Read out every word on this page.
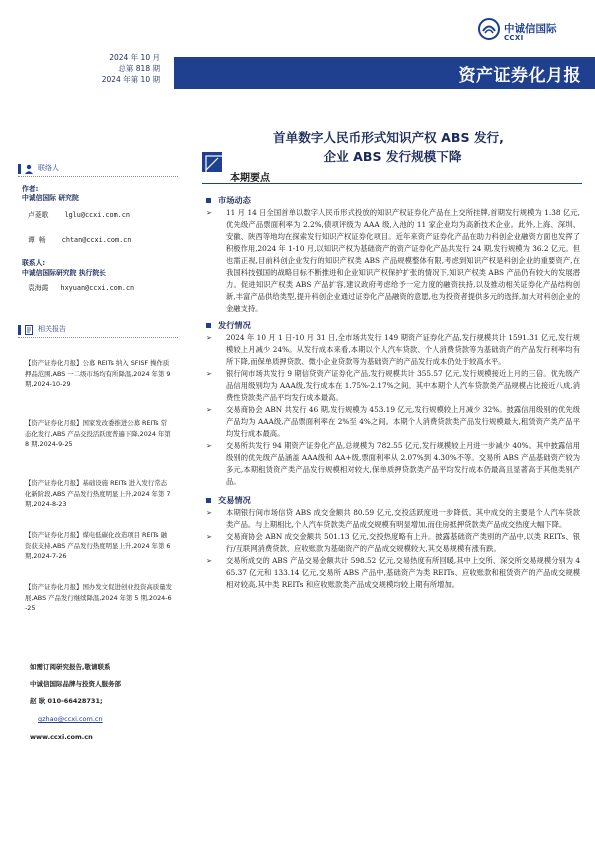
中诚信国际
CCXI
2024 年 10 月
总第 818 期
2024 年第 10 期	资产证券化月报
首单数字人民币形式知识产权 ABS 发行,
企业 ABS 发行规模下降
本期要点
联络人
作者:
中诚信国际 研究院
卢菱歌 lglu@ccxi.com.cn
谭 畅 chtan@ccxi.com.cn
联系人:
中诚信国际研究院 执行院长
袁海霞 hxyuan@ccxi.com.cn
相关报告
【资产证券化月报】公募 REITs 纳入 SFISF 操作质押品范围,ABS 一二级市场均有所降温,2024 年第 9 期,2024-10-29
【资产证券化月报】国家发改委推进公募 REITs 常态化发行,ABS 产品交投活跃度普遍下降,2024 年第 8 期,2024-9-25
【资产证券化月报】基础设施 REITs 进入发行常态化新阶段,ABS 产品发行热度明显上升,2024 年第 7 期,2024-8-23
【资产证券化月报】煤电低碳化改造项目 REITs 融资获支持,ABS 产品发行热度明显上升,2024 年第 6 期,2024-7-26
【资产证券化月报】国办发文促进创业投资高质量发展,ABS 产品发行继续降温,2024 年第 5 期,2024-6-25
如需订阅研究报告,敬请联系
中诚信国际品牌与投资人服务部
赵 耿 010-66428731;
gzhao@ccxi.com.cn
www.ccxi.com.cn
市场动态
➢ 11 月 14 日全国首单以数字人民币形式投放的知识产权证券化产品在上交所挂牌,首期发行规模为 1.38 亿元,优先级产品票面利率为 2.2%,债项评级为 AAA 级,入池的 11 家企业均为高新技术企业。此外,上海、深圳、安徽、陕西等地均在探索发行知识产权证券化项目。近年来资产证券化产品在助力科创企业融资方面也发挥了积极作用,2024 年 1-10 月,以知识产权为基础资产的资产证券化产品共发行 24 期,发行规模为 36.2 亿元。但也需正视,目前科创企业发行的知识产权类 ABS 产品规模整体有限,考虑到知识产权是科创企业的重要资产,在我国科技强国的战略目标不断推进和企业知识产权保护扩张的情况下,知识产权类 ABS 产品仍有较大的发展潜力。促进知识产权类 ABS 产品扩容,建议政府考虑给予一定力度的融资扶持,以及推动相关证券化产品结构创新,丰富产品供给类型,提升科创企业通过证券化产品融资的意愿,也为投资者提供多元的选择,加大对科创企业的金融支持。
发行情况
➢ 2024 年 10 月 1 日-10 月 31 日,全市场共发行 149 期资产证券化产品,发行规模共计 1591.31 亿元,发行规模较上月减少 24%。从发行成本来看,本期以个人汽车贷款、个人消费贷款等为基础资产的产品发行利率均有所下降,而保单质押贷款、微小企业贷款等为基础资产的产品发行成本仍处于较高水平。
➢ 银行间市场共发行 9 期信贷资产证券化产品,发行规模共计 355.57 亿元,发行规模接近上月的三倍。优先级产品信用级别均为 AAA级,发行成本在 1.75%-2.17%之间。其中本期个人汽车贷款类产品规模占比接近八成,消费性贷款类产品平均发行成本最高。
➢ 交易商协会 ABN 共发行 46 期,发行规模为 453.19 亿元,发行规模较上月减少 32%。披露信用级别的优先级产品均为 AAA级,产品票面利率在 2%至 4%之间。本期个人消费贷款类产品发行规模最大,租赁资产类产品平均发行成本最高。
➢ 交易所共发行 94 期资产证券化产品,总规模为 782.55 亿元,发行规模较上月进一步减少 40%。其中披露信用级别的优先级产品涵盖 AAA级和 AA+级,票面利率从 2.07%到 4.30%不等。交易所 ABS 产品基础资产较为多元,本期租赁资产类产品发行规模相对较大,保单质押贷款类产品平均发行成本仍最高且显著高于其他类别产品。
交易情况
➢ 本期银行间市场信贷 ABS 成交金额共 80.59 亿元,交投活跃度进一步降低。其中成交的主要是个人汽车贷款类产品。与上期相比,个人汽车贷款类产品成交规模有明显增加,而住房抵押贷款类产品成交热度大幅下降。
➢ 交易商协会 ABN 成交金额共 501.13 亿元,交投热度略有上升。披露基础资产类别的产品中,以类 REITs、银行/互联网消费贷款、应收账款为基础资产的产品成交规模较大,其交易规模有涨有跌。
➢ 交易所成交的 ABS 产品交易金额共计 598.52 亿元,交易热度有所回暖,其中上交所、深交所交易规模分别为 465.37 亿元和 133.14 亿元,交易所 ABS 产品中,基础资产为类 REITs、应收账款和租赁资产的产品成交规模相对较高,其中类 REITs 和应收账款类产品成交规模均较上期有所增加。
